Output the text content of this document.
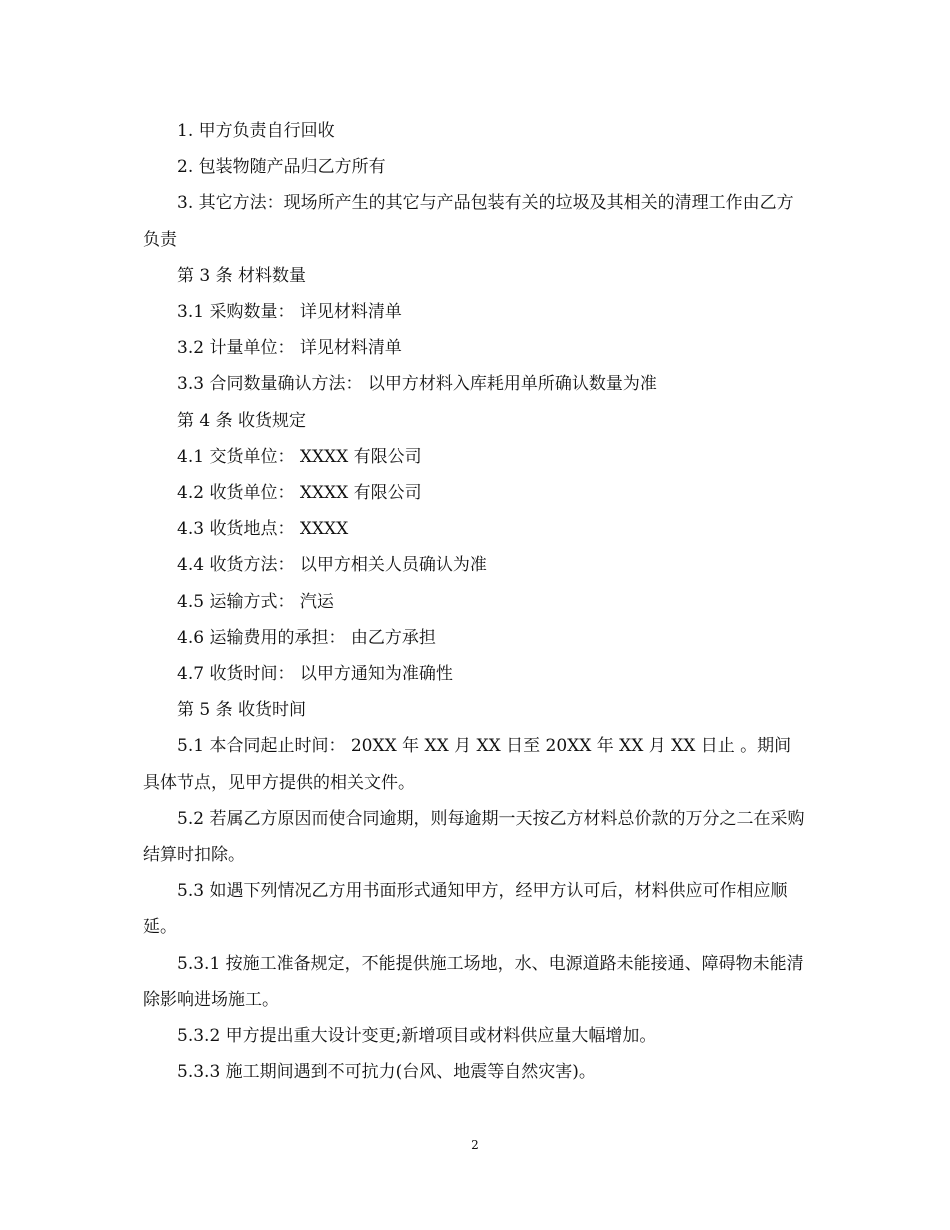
1. 甲方负责自行回收

2. 包装物随产品归乙方所有

3. 其它方法：现场所产生的其它与产品包装有关的垃圾及其相关的清理工作由乙方负责

第 3 条 材料数量

3.1 采购数量： 详见材料清单

3.2 计量单位： 详见材料清单

3.3 合同数量确认方法： 以甲方材料入库耗用单所确认数量为准

第 4 条 收货规定

4.1 交货单位： XXXX 有限公司

4.2 收货单位： XXXX 有限公司

4.3 收货地点： XXXX

4.4 收货方法： 以甲方相关人员确认为准

4.5 运输方式： 汽运

4.6 运输费用的承担： 由乙方承担

4.7 收货时间： 以甲方通知为准确性

第 5 条 收货时间

5.1 本合同起止时间： 20XX 年 XX 月 XX 日至 20XX 年 XX 月 XX 日止 。期间具体节点，见甲方提供的相关文件。

5.2 若属乙方原因而使合同逾期，则每逾期一天按乙方材料总价款的万分之二在采购结算时扣除。

5.3 如遇下列情况乙方用书面形式通知甲方，经甲方认可后，材料供应可作相应顺延。

5.3.1 按施工准备规定，不能提供施工场地，水、电源道路未能接通、障碍物未能清除影响进场施工。

5.3.2 甲方提出重大设计变更;新增项目或材料供应量大幅增加。

5.3.3 施工期间遇到不可抗力(台风、地震等自然灾害)。

2
